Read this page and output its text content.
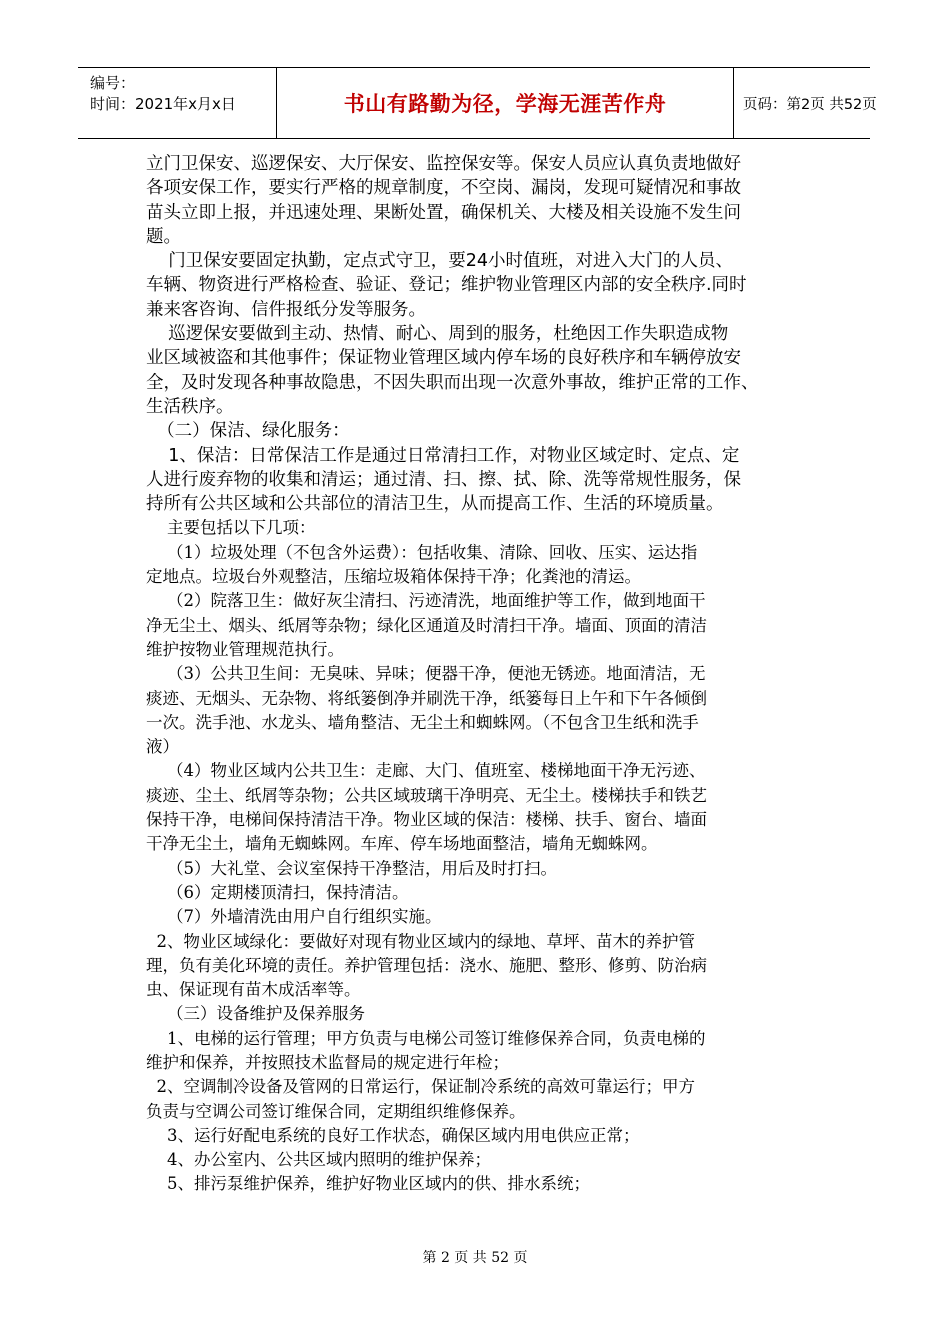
编号：
时间：2021年x月x日	书山有路勤为径，学海无涯苦作舟	页码：第2页 共52页
立门卫保安、巡逻保安、大厅保安、监控保安等。保安人员应认真负责地做好
各项安保工作，要实行严格的规章制度，不空岗、漏岗，发现可疑情况和事故
苗头立即上报，并迅速处理、果断处置，确保机关、大楼及相关设施不发生问
题。
门卫保安要固定执勤，定点式守卫，要24小时值班，对进入大门的人员、
车辆、物资进行严格检查、验证、登记；维护物业管理区内部的安全秩序.同时
兼来客咨询、信件报纸分发等服务。
巡逻保安要做到主动、热情、耐心、周到的服务，杜绝因工作失职造成物
业区域被盗和其他事件；保证物业管理区域内停车场的良好秩序和车辆停放安
全，及时发现各种事故隐患，不因失职而出现一次意外事故，维护正常的工作、
生活秩序。
（二）保洁、绿化服务：
1、保洁：日常保洁工作是通过日常清扫工作，对物业区域定时、定点、定
人进行废弃物的收集和清运；通过清、扫、擦、拭、除、洗等常规性服务，保
持所有公共区域和公共部位的清洁卫生，从而提高工作、生活的环境质量。
主要包括以下几项：
（1）垃圾处理（不包含外运费）：包括收集、清除、回收、压实、运达指
定地点。垃圾台外观整洁，压缩垃圾箱体保持干净；化粪池的清运。
（2）院落卫生：做好灰尘清扫、污迹清洗，地面维护等工作，做到地面干
净无尘土、烟头、纸屑等杂物；绿化区通道及时清扫干净。墙面、顶面的清洁
维护按物业管理规范执行。
（3）公共卫生间：无臭味、异味；便器干净，便池无锈迹。地面清洁，无
痰迹、无烟头、无杂物、将纸篓倒净并刷洗干净，纸篓每日上午和下午各倾倒
一次。洗手池、水龙头、墙角整洁、无尘土和蜘蛛网。（不包含卫生纸和洗手
液）
（4）物业区域内公共卫生：走廊、大门、值班室、楼梯地面干净无污迹、
痰迹、尘土、纸屑等杂物；公共区域玻璃干净明亮、无尘土。楼梯扶手和铁艺
保持干净，电梯间保持清洁干净。物业区域的保洁：楼梯、扶手、窗台、墙面
干净无尘土，墙角无蜘蛛网。车库、停车场地面整洁，墙角无蜘蛛网。
（5）大礼堂、会议室保持干净整洁，用后及时打扫。
（6）定期楼顶清扫，保持清洁。
（7）外墙清洗由用户自行组织实施。
2、物业区域绿化：要做好对现有物业区域内的绿地、草坪、苗木的养护管
理，负有美化环境的责任。养护管理包括：浇水、施肥、整形、修剪、防治病
虫、保证现有苗木成活率等。
（三）设备维护及保养服务
1、电梯的运行管理；甲方负责与电梯公司签订维修保养合同，负责电梯的
维护和保养，并按照技术监督局的规定进行年检；
2、空调制冷设备及管网的日常运行，保证制冷系统的高效可靠运行；甲方
负责与空调公司签订维保合同，定期组织维修保养。
3、运行好配电系统的良好工作状态，确保区域内用电供应正常；
4、办公室内、公共区域内照明的维护保养；
5、排污泵维护保养，维护好物业区域内的供、排水系统；
第 2 页 共 52 页
